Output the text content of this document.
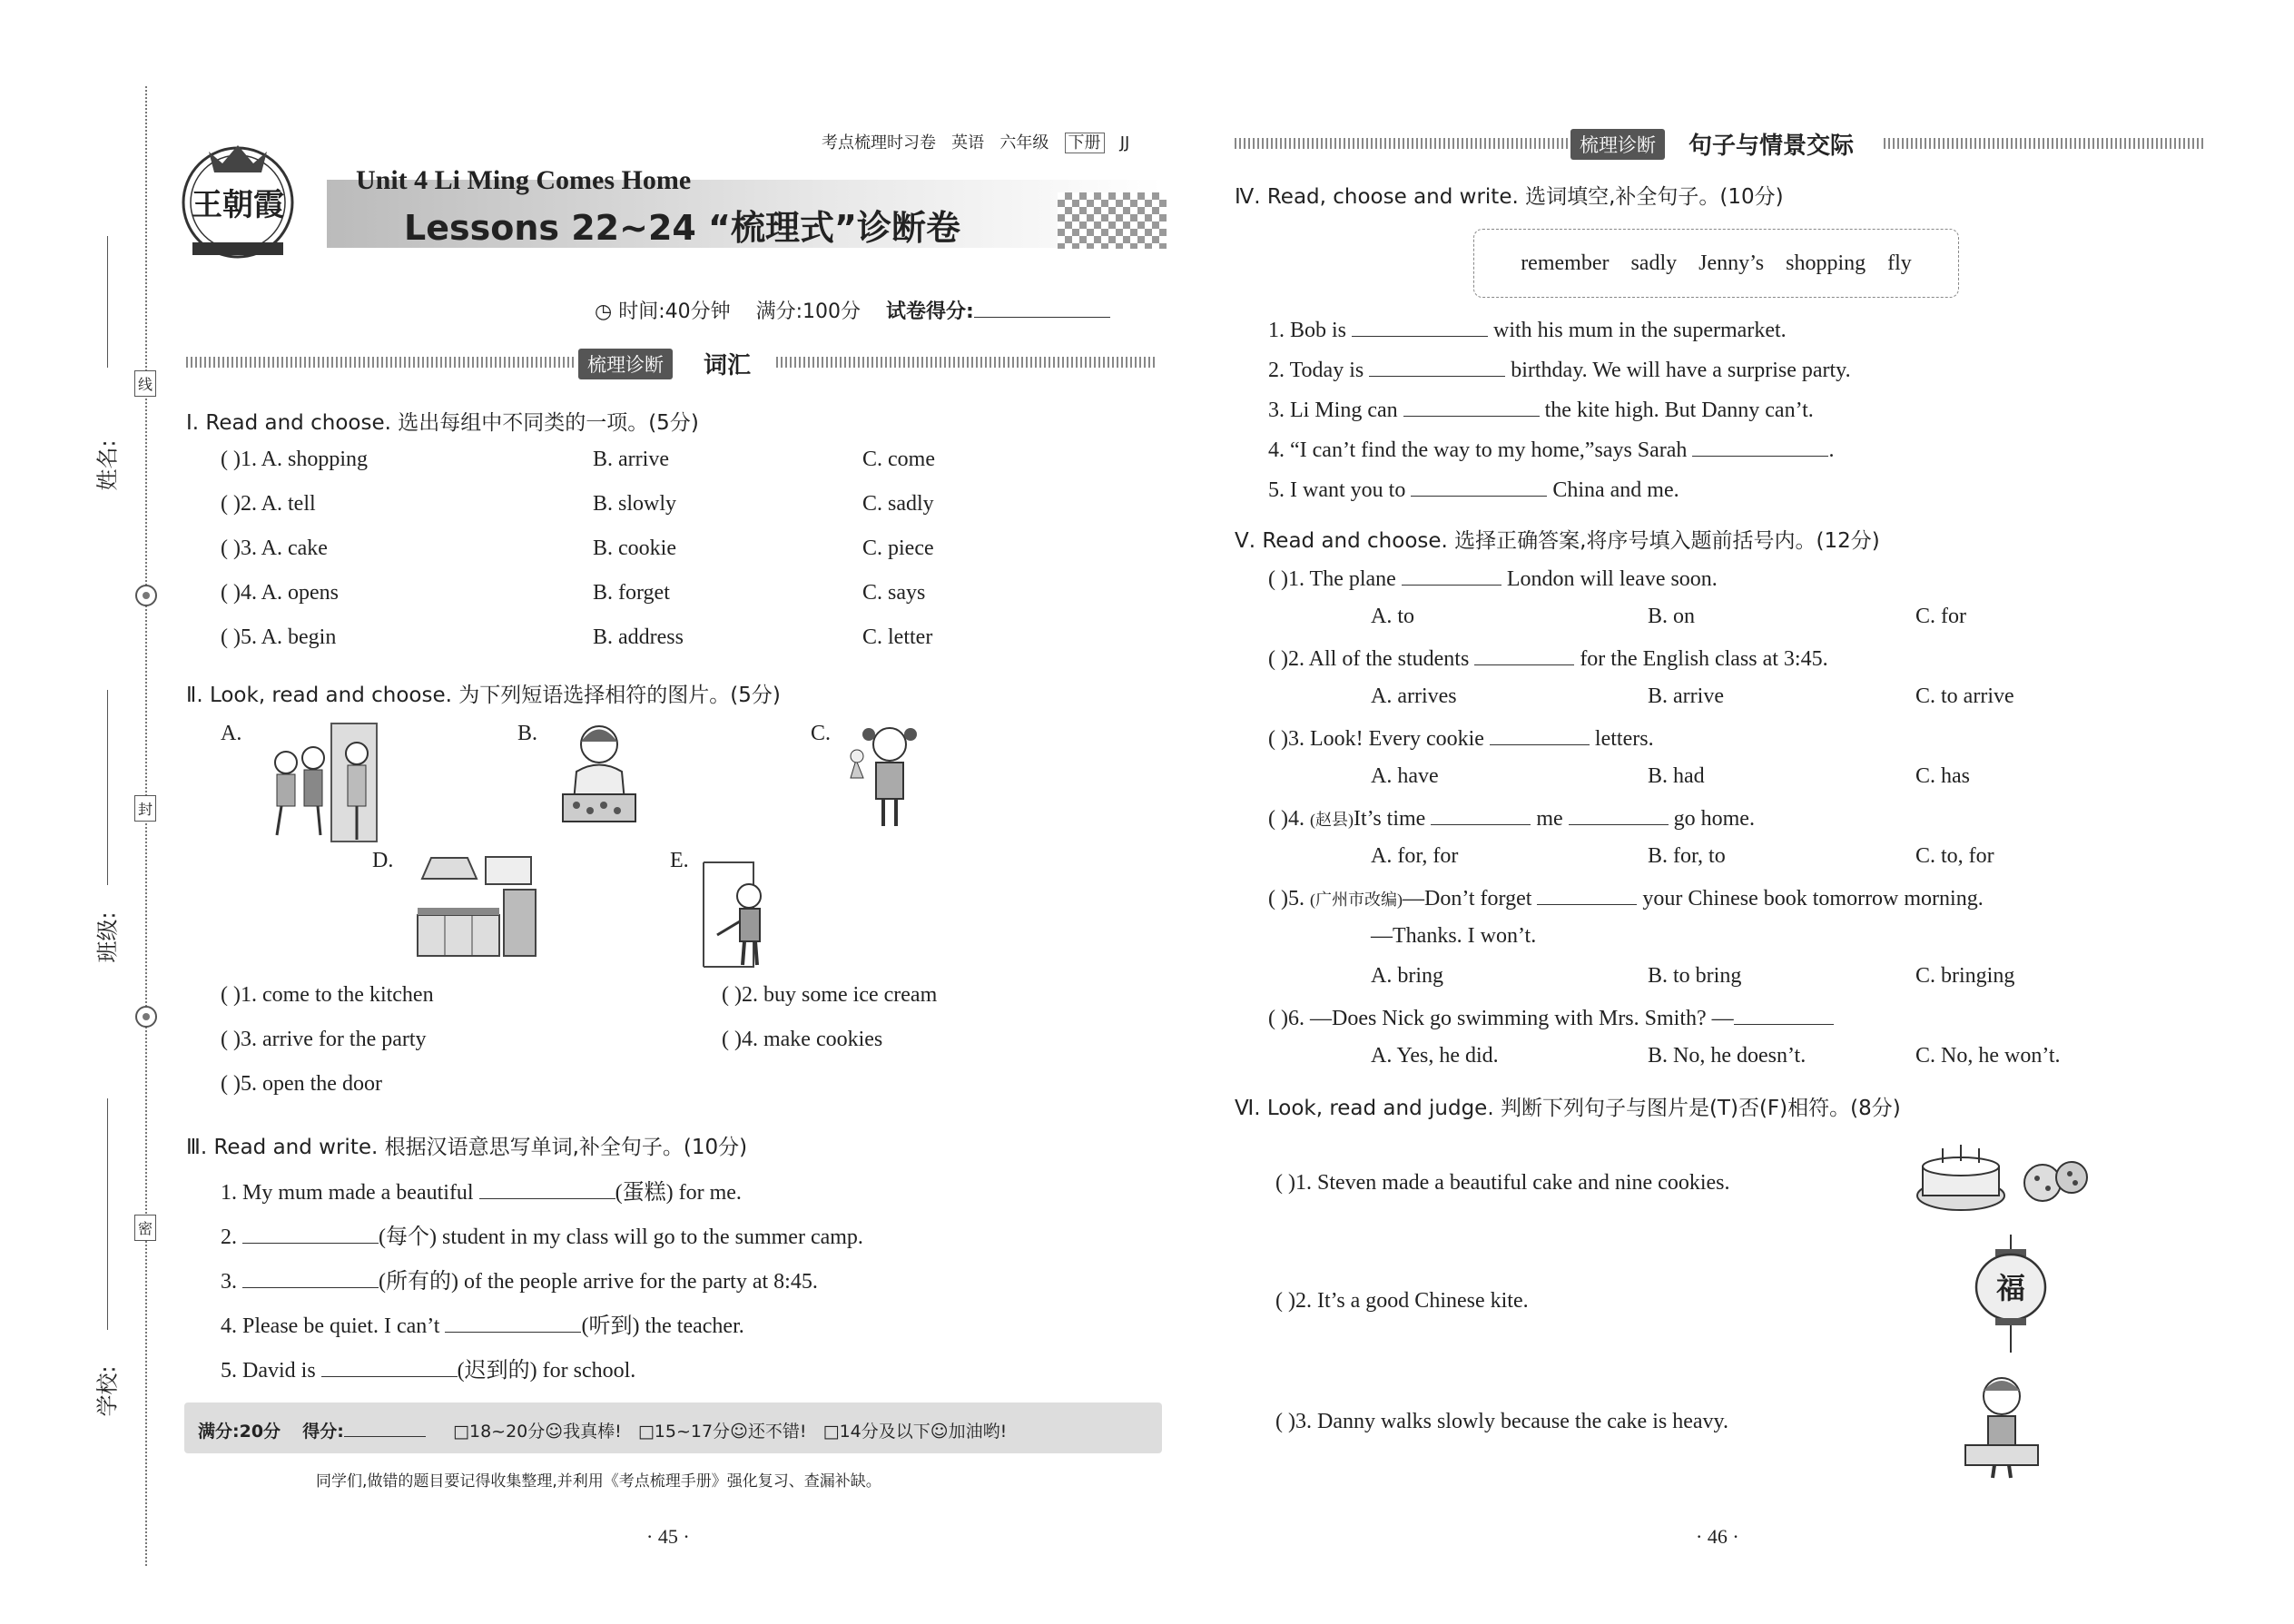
姓名:
班级:
学校:
线
封
密
考点梳理时习卷 英语 六年级 下册 JJ
王朝霞
Unit 4 Li Ming Comes Home
Lessons 22~24 “梳理式”诊断卷
◷ 时间:40分钟 满分:100分 试卷得分:
梳理诊断	词汇
Ⅰ. Read and choose. 选出每组中不同类的一项。(5分)
( )1. A. shopping	B. arrive	C. come
( )2. A. tell	B. slowly	C. sadly
( )3. A. cake	B. cookie	C. piece
( )4. A. opens	B. forget	C. says
( )5. A. begin	B. address	C. letter
Ⅱ. Look, read and choose. 为下列短语选择相符的图片。(5分)
A.	B.	C.
D.	E.
( )1. come to the kitchen	( )2. buy some ice cream
( )3. arrive for the party	( )4. make cookies
( )5. open the door
Ⅲ. Read and write. 根据汉语意思写单词,补全句子。(10分)
1. My mum made a beautiful	(蛋糕) for me.
2.	(每个) student in my class will go to the summer camp.
3.	(所有的) of the people arrive for the party at 8:45.
4. Please be quiet. I can’t	(听到) the teacher.
5. David is	(迟到的) for school.
满分:20分 得分:	□18~20分☺我真棒! □15~17分☺还不错! □14分及以下☺加油哟!
同学们,做错的题目要记得收集整理,并利用《考点梳理手册》强化复习、查漏补缺。
· 45 ·
梳理诊断	句子与情景交际
Ⅳ. Read, choose and write. 选词填空,补全句子。(10分)
remember    sadly    Jenny’s    shopping    fly
1. Bob is	with his mum in the supermarket.
2. Today is	birthday. We will have a surprise party.
3. Li Ming can	the kite high. But Danny can’t.
4. “I can’t find the way to my home,”says Sarah	.
5. I want you to	China and me.
Ⅴ. Read and choose. 选择正确答案,将序号填入题前括号内。(12分)
( )1. The plane	London will leave soon.
A. to	B. on	C. for
( )2. All of the students	for the English class at 3:45.
A. arrives	B. arrive	C. to arrive
( )3. Look! Every cookie	letters.
A. have	B. had	C. has
( )4. (赵县)It’s time	me	go home.
A. for, for	B. for, to	C. to, for
( )5. (广州市改编)—Don’t forget	your Chinese book tomorrow morning.
—Thanks. I won’t.
A. bring	B. to bring	C. bringing
( )6. —Does Nick go swimming with Mrs. Smith? —
A. Yes, he did.	B. No, he doesn’t.	C. No, he won’t.
Ⅵ. Look, read and judge. 判断下列句子与图片是(T)否(F)相符。(8分)
( )1. Steven made a beautiful cake and nine cookies.
( )2. It’s a good Chinese kite.	福
( )3. Danny walks slowly because the cake is heavy.
· 46 ·
